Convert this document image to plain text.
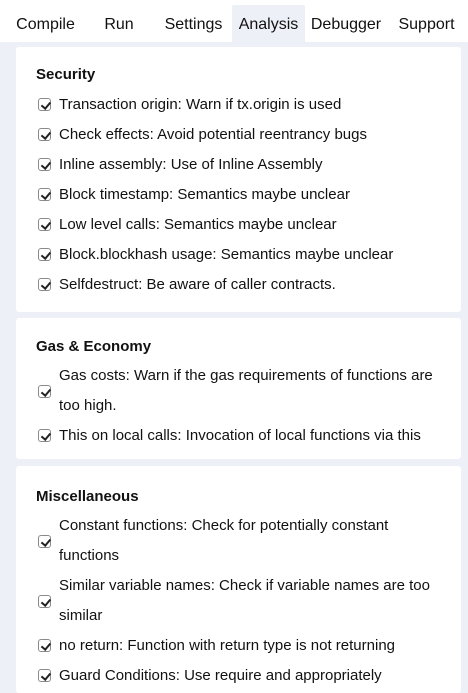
Compile	Run	Settings	Analysis Debugger	Support
Security
Transaction origin: Warn if tx.origin is used
Check effects: Avoid potential reentrancy bugs
Inline assembly: Use of Inline Assembly
Block timestamp: Semantics maybe unclear
Low level calls: Semantics maybe unclear
Block.blockhash usage: Semantics maybe unclear
Selfdestruct: Be aware of caller contracts.
Gas & Economy
Gas costs: Warn if the gas requirements of functions are too high.
This on local calls: Invocation of local functions via this
Miscellaneous
Constant functions: Check for potentially constant functions
Similar variable names: Check if variable names are too similar
no return: Function with return type is not returning
Guard Conditions: Use require and appropriately
